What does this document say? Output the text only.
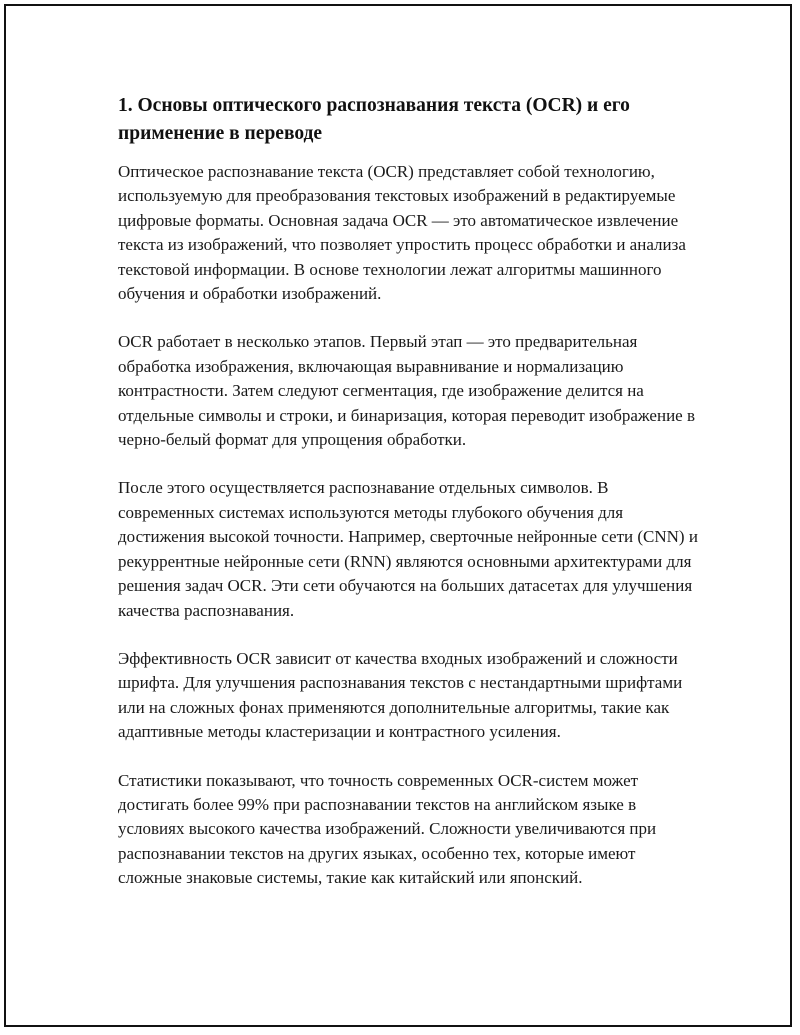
1. Основы оптического распознавания текста (OCR) и его применение в переводе

Оптическое распознавание текста (OCR) представляет собой технологию, используемую для преобразования текстовых изображений в редактируемые цифровые форматы. Основная задача OCR — это автоматическое извлечение текста из изображений, что позволяет упростить процесс обработки и анализа текстовой информации. В основе технологии лежат алгоритмы машинного обучения и обработки изображений.

OCR работает в несколько этапов. Первый этап — это предварительная обработка изображения, включающая выравнивание и нормализацию контрастности. Затем следуют сегментация, где изображение делится на отдельные символы и строки, и бинаризация, которая переводит изображение в черно-белый формат для упрощения обработки.

После этого осуществляется распознавание отдельных символов. В современных системах используются методы глубокого обучения для достижения высокой точности. Например, сверточные нейронные сети (CNN) и рекуррентные нейронные сети (RNN) являются основными архитектурами для решения задач OCR. Эти сети обучаются на больших датасетах для улучшения качества распознавания.

Эффективность OCR зависит от качества входных изображений и сложности шрифта. Для улучшения распознавания текстов с нестандартными шрифтами или на сложных фонах применяются дополнительные алгоритмы, такие как адаптивные методы кластеризации и контрастного усиления.

Статистики показывают, что точность современных OCR-систем может достигать более 99% при распознавании текстов на английском языке в условиях высокого качества изображений. Сложности увеличиваются при распознавании текстов на других языках, особенно тех, которые имеют сложные знаковые системы, такие как китайский или японский.
